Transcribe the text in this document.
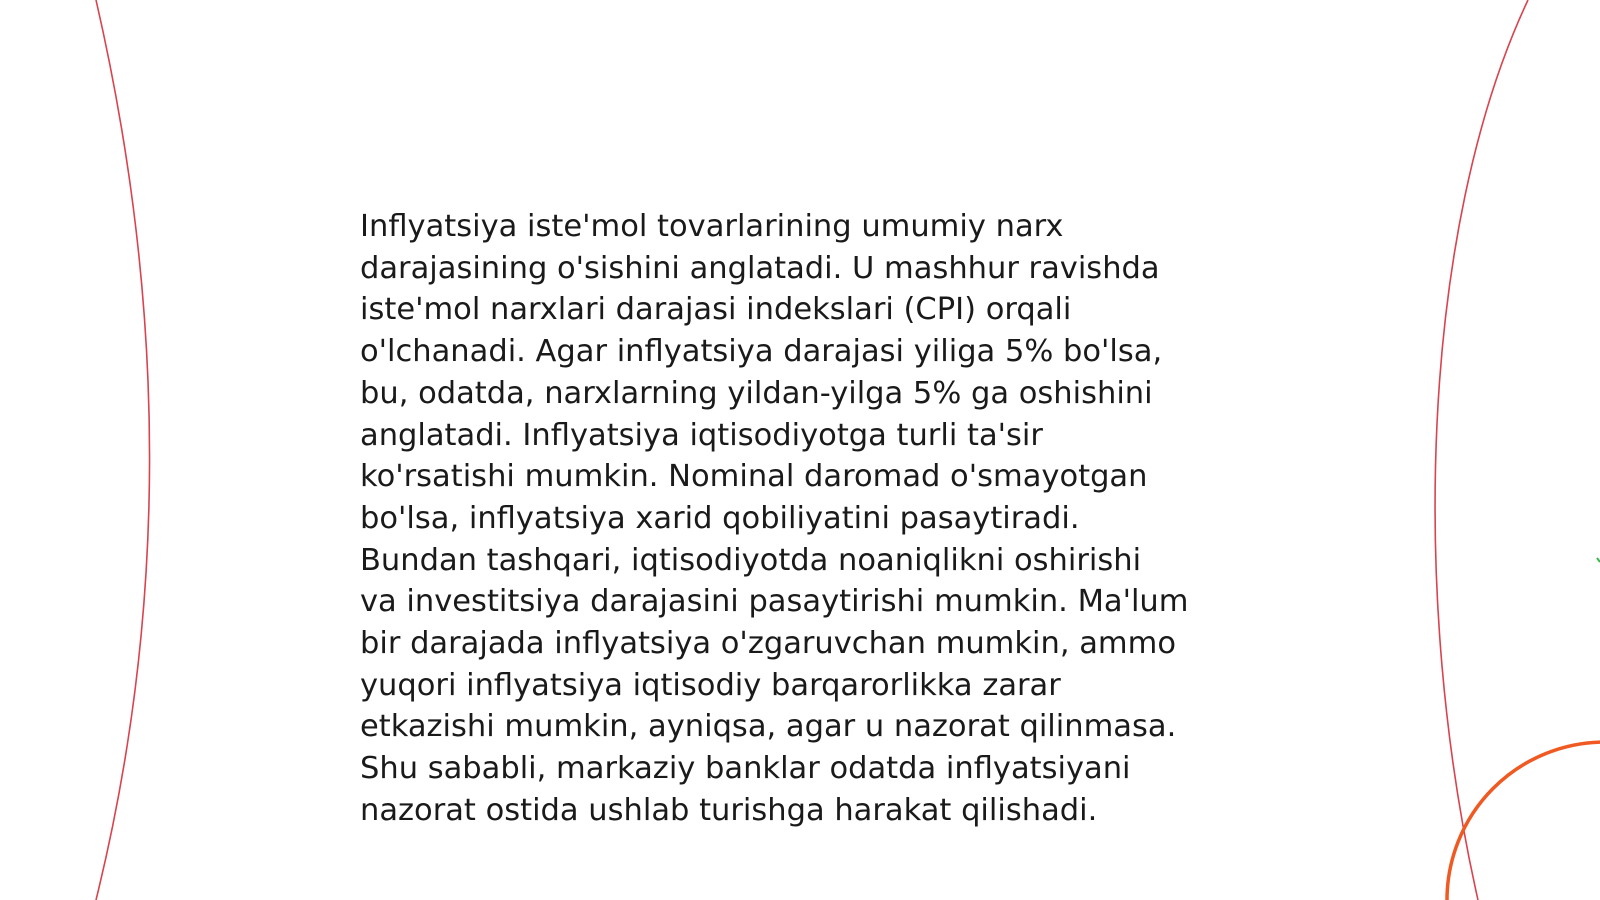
Inflyatsiya iste'mol tovarlarining umumiy narx
darajasining o'sishini anglatadi. U mashhur ravishda
iste'mol narxlari darajasi indekslari (CPI) orqali
o'lchanadi. Agar inflyatsiya darajasi yiliga 5% bo'lsa,
bu, odatda, narxlarning yildan-yilga 5% ga oshishini
anglatadi. Inflyatsiya iqtisodiyotga turli ta'sir
ko'rsatishi mumkin. Nominal daromad o'smayotgan
bo'lsa, inflyatsiya xarid qobiliyatini pasaytiradi.
Bundan tashqari, iqtisodiyotda noaniqlikni oshirishi
va investitsiya darajasini pasaytirishi mumkin. Ma'lum
bir darajada inflyatsiya o'zgaruvchan mumkin, ammo
yuqori inflyatsiya iqtisodiy barqarorlikka zarar
etkazishi mumkin, ayniqsa, agar u nazorat qilinmasa.
Shu sababli, markaziy banklar odatda inflyatsiyani
nazorat ostida ushlab turishga harakat qilishadi.
